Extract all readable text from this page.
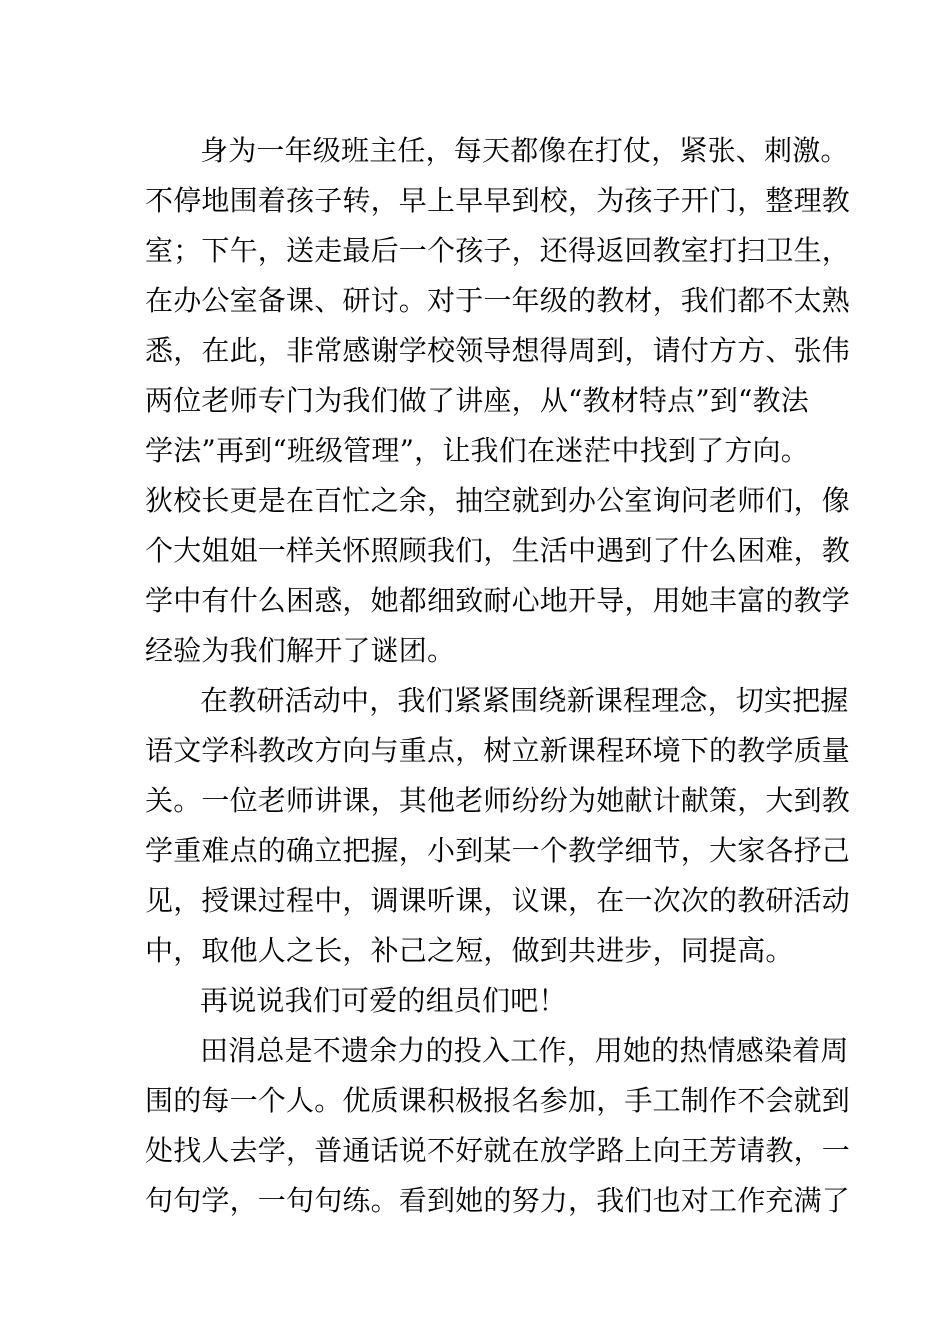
身为一年级班主任，每天都像在打仗，紧张、刺激。
不停地围着孩子转，早上早早到校，为孩子开门，整理教
室；下午，送走最后一个孩子，还得返回教室打扫卫生，
在办公室备课、研讨。对于一年级的教材，我们都不太熟
悉，在此，非常感谢学校领导想得周到，请付方方、张伟
两位老师专门为我们做了讲座，从“教材特点”到“教法
学法”再到“班级管理”，让我们在迷茫中找到了方向。
狄校长更是在百忙之余，抽空就到办公室询问老师们，像
个大姐姐一样关怀照顾我们，生活中遇到了什么困难，教
学中有什么困惑，她都细致耐心地开导，用她丰富的教学
经验为我们解开了谜团。
在教研活动中，我们紧紧围绕新课程理念，切实把握
语文学科教改方向与重点，树立新课程环境下的教学质量
关。一位老师讲课，其他老师纷纷为她献计献策，大到教
学重难点的确立把握，小到某一个教学细节，大家各抒己
见，授课过程中，调课听课，议课，在一次次的教研活动
中，取他人之长，补己之短，做到共进步，同提高。
再说说我们可爱的组员们吧！
田涓总是不遗余力的投入工作，用她的热情感染着周
围的每一个人。优质课积极报名参加，手工制作不会就到
处找人去学，普通话说不好就在放学路上向王芳请教，一
句句学，一句句练。看到她的努力，我们也对工作充满了
